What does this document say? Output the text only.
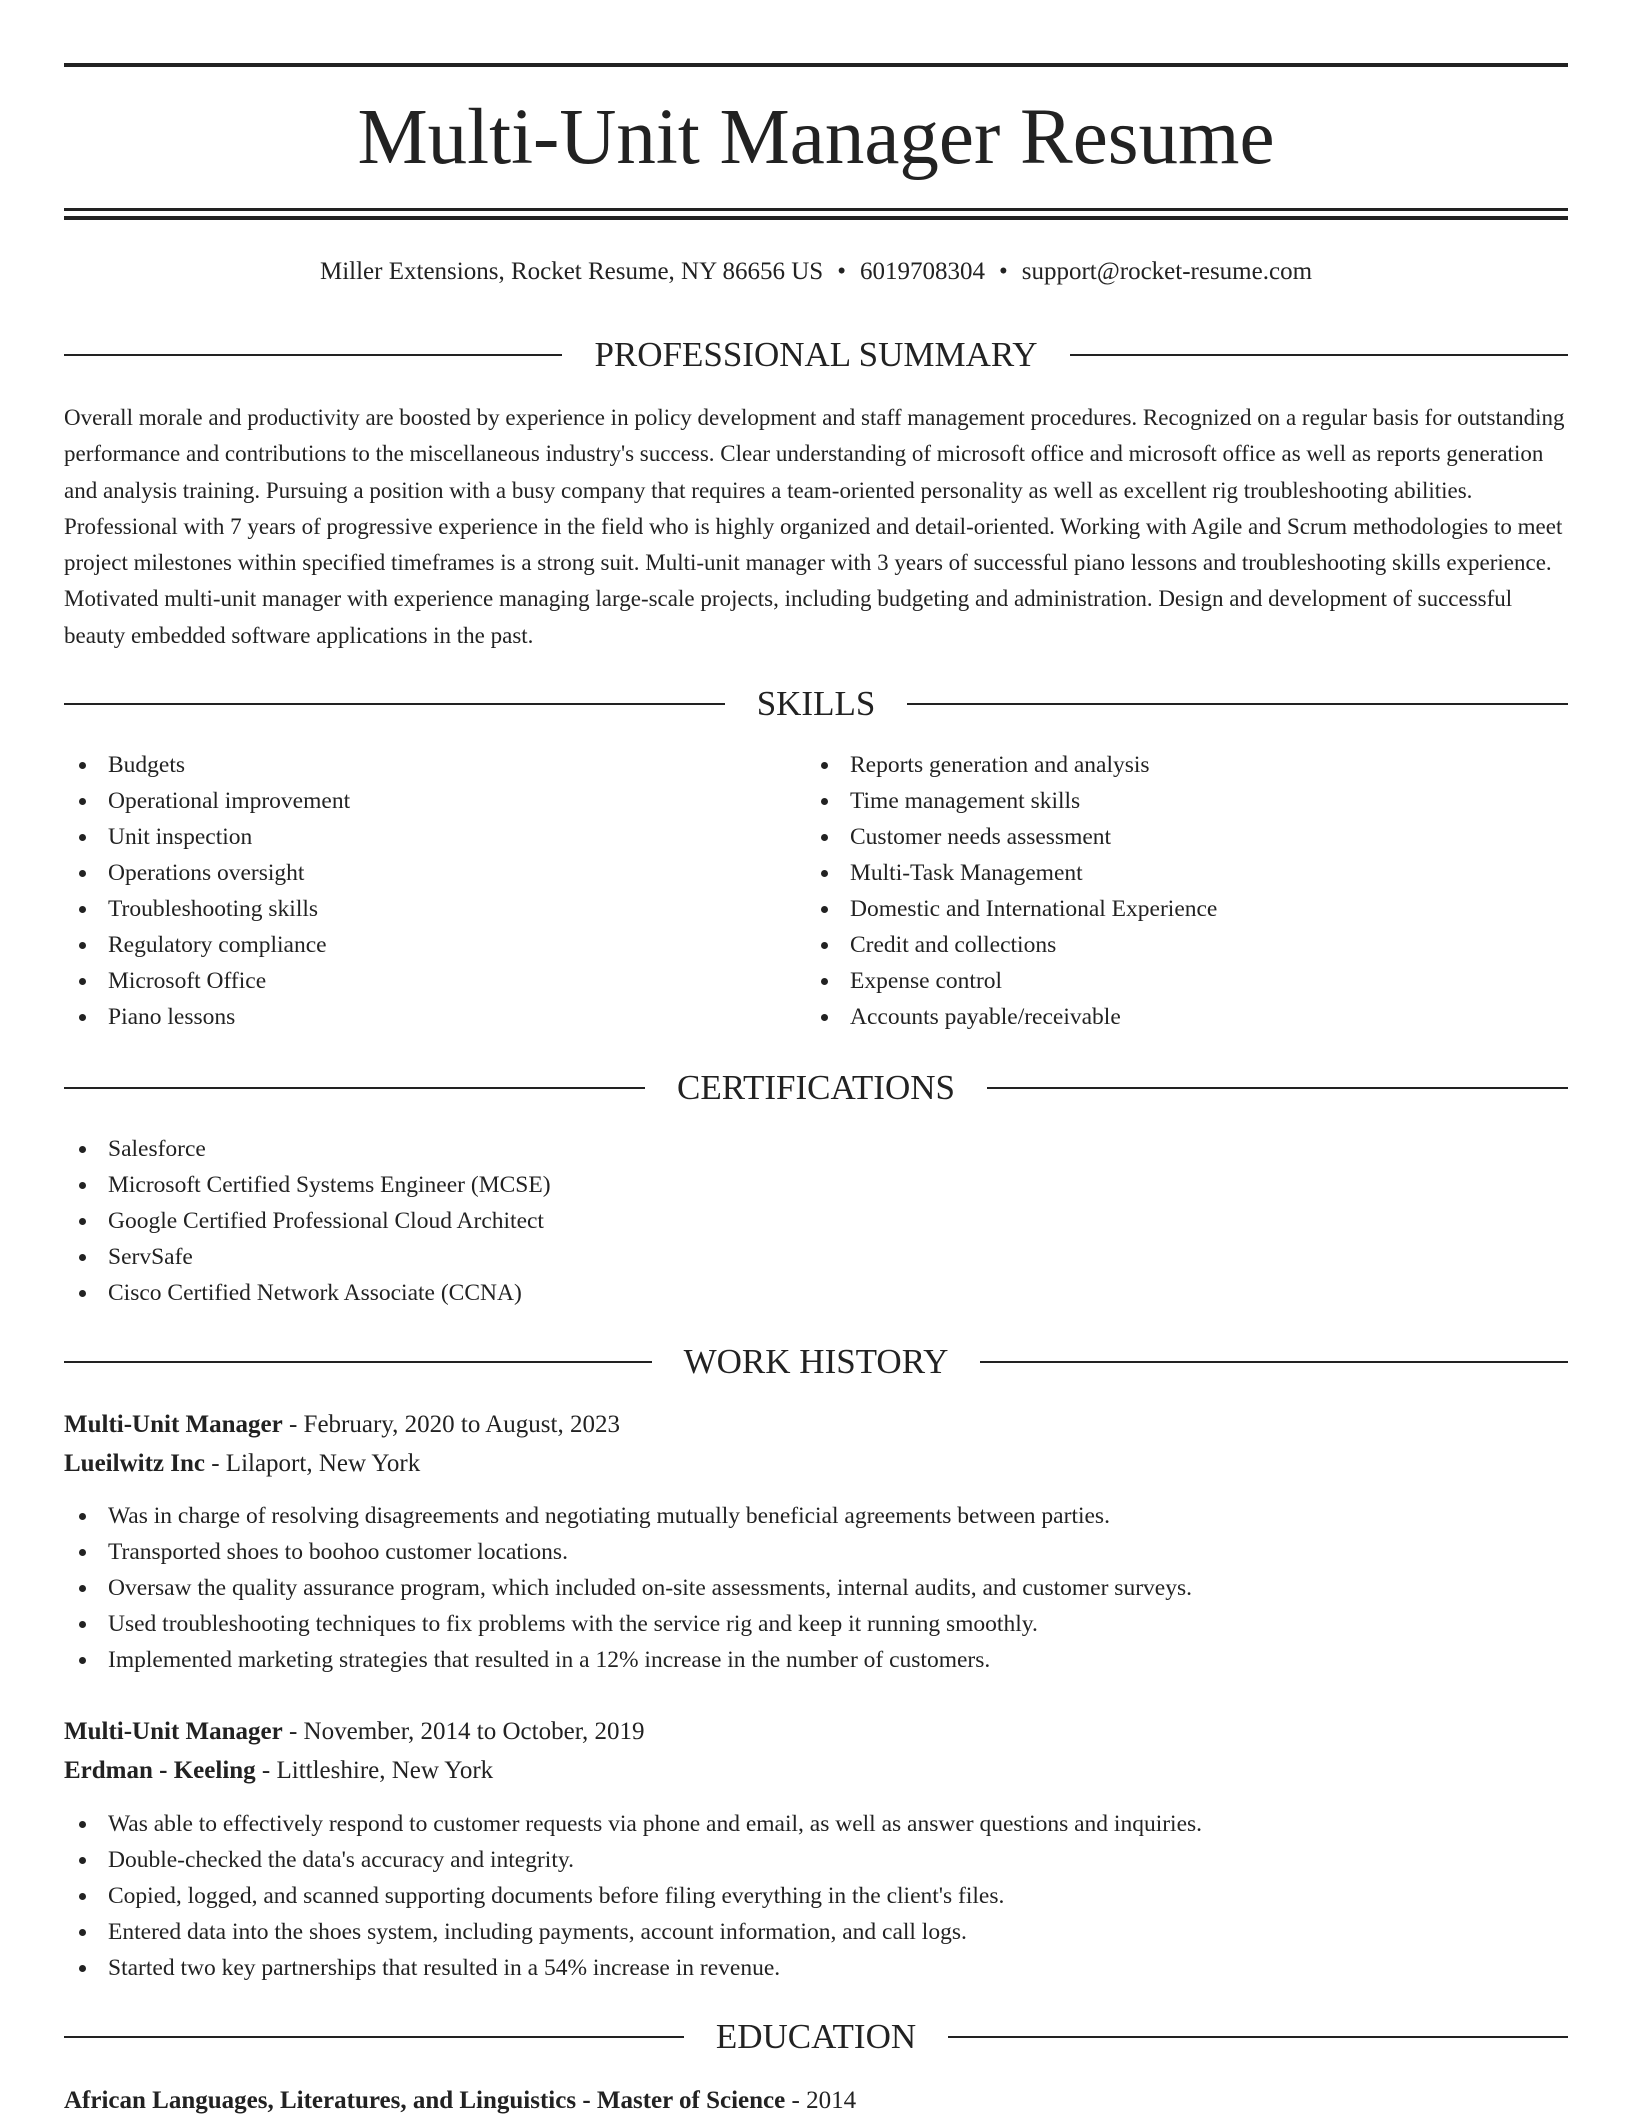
Multi-Unit Manager Resume
Miller Extensions, Rocket Resume, NY 86656 US • 6019708304 • support@rocket-resume.com
PROFESSIONAL SUMMARY

Overall morale and productivity are boosted by experience in policy development and staff management procedures. Recognized on a regular basis for outstanding performance and contributions to the miscellaneous industry's success. Clear understanding of microsoft office and microsoft office as well as reports generation and analysis training. Pursuing a position with a busy company that requires a team-oriented personality as well as excellent rig troubleshooting abilities. Professional with 7 years of progressive experience in the field who is highly organized and detail-oriented. Working with Agile and Scrum methodologies to meet project milestones within specified timeframes is a strong suit. Multi-unit manager with 3 years of successful piano lessons and troubleshooting skills experience. Motivated multi-unit manager with experience managing large-scale projects, including budgeting and administration. Design and development of successful beauty embedded software applications in the past.

SKILLS
Budgets
Operational improvement
Unit inspection
Operations oversight
Troubleshooting skills
Regulatory compliance
Microsoft Office
Piano lessons
Reports generation and analysis
Time management skills
Customer needs assessment
Multi-Task Management
Domestic and International Experience
Credit and collections
Expense control
Accounts payable/receivable
CERTIFICATIONS
Salesforce
Microsoft Certified Systems Engineer (MCSE)
Google Certified Professional Cloud Architect
ServSafe
Cisco Certified Network Associate (CCNA)
WORK HISTORY
Multi-Unit Manager - February, 2020 to August, 2023
Lueilwitz Inc - Lilaport, New York
Was in charge of resolving disagreements and negotiating mutually beneficial agreements between parties.
Transported shoes to boohoo customer locations.
Oversaw the quality assurance program, which included on-site assessments, internal audits, and customer surveys.
Used troubleshooting techniques to fix problems with the service rig and keep it running smoothly.
Implemented marketing strategies that resulted in a 12% increase in the number of customers.
Multi-Unit Manager - November, 2014 to October, 2019
Erdman - Keeling - Littleshire, New York
Was able to effectively respond to customer requests via phone and email, as well as answer questions and inquiries.
Double-checked the data's accuracy and integrity.
Copied, logged, and scanned supporting documents before filing everything in the client's files.
Entered data into the shoes system, including payments, account information, and call logs.
Started two key partnerships that resulted in a 54% increase in revenue.
EDUCATION
African Languages, Literatures, and Linguistics - Master of Science - 2014
